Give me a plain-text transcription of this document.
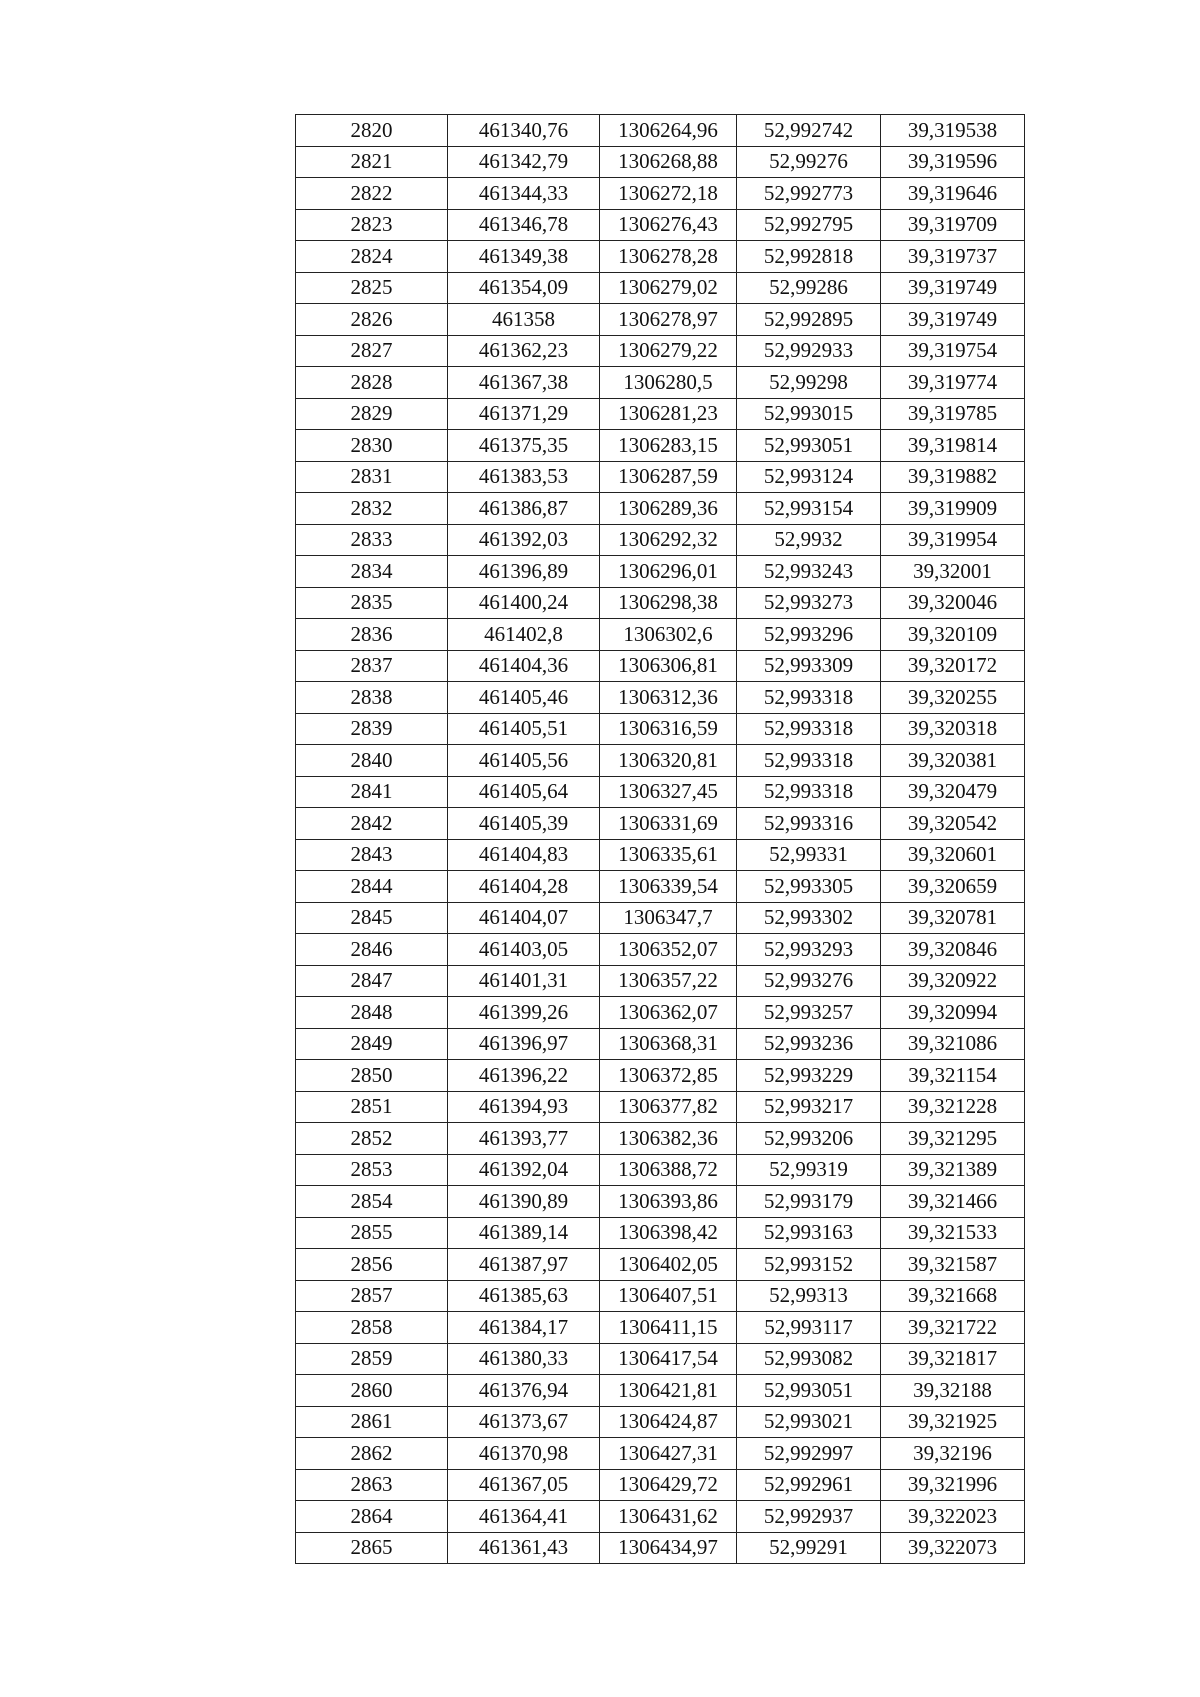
2820	461340,76	1306264,96	52,992742	39,319538
2821	461342,79	1306268,88	52,99276	39,319596
2822	461344,33	1306272,18	52,992773	39,319646
2823	461346,78	1306276,43	52,992795	39,319709
2824	461349,38	1306278,28	52,992818	39,319737
2825	461354,09	1306279,02	52,99286	39,319749
2826	461358	1306278,97	52,992895	39,319749
2827	461362,23	1306279,22	52,992933	39,319754
2828	461367,38	1306280,5	52,99298	39,319774
2829	461371,29	1306281,23	52,993015	39,319785
2830	461375,35	1306283,15	52,993051	39,319814
2831	461383,53	1306287,59	52,993124	39,319882
2832	461386,87	1306289,36	52,993154	39,319909
2833	461392,03	1306292,32	52,9932	39,319954
2834	461396,89	1306296,01	52,993243	39,32001
2835	461400,24	1306298,38	52,993273	39,320046
2836	461402,8	1306302,6	52,993296	39,320109
2837	461404,36	1306306,81	52,993309	39,320172
2838	461405,46	1306312,36	52,993318	39,320255
2839	461405,51	1306316,59	52,993318	39,320318
2840	461405,56	1306320,81	52,993318	39,320381
2841	461405,64	1306327,45	52,993318	39,320479
2842	461405,39	1306331,69	52,993316	39,320542
2843	461404,83	1306335,61	52,99331	39,320601
2844	461404,28	1306339,54	52,993305	39,320659
2845	461404,07	1306347,7	52,993302	39,320781
2846	461403,05	1306352,07	52,993293	39,320846
2847	461401,31	1306357,22	52,993276	39,320922
2848	461399,26	1306362,07	52,993257	39,320994
2849	461396,97	1306368,31	52,993236	39,321086
2850	461396,22	1306372,85	52,993229	39,321154
2851	461394,93	1306377,82	52,993217	39,321228
2852	461393,77	1306382,36	52,993206	39,321295
2853	461392,04	1306388,72	52,99319	39,321389
2854	461390,89	1306393,86	52,993179	39,321466
2855	461389,14	1306398,42	52,993163	39,321533
2856	461387,97	1306402,05	52,993152	39,321587
2857	461385,63	1306407,51	52,99313	39,321668
2858	461384,17	1306411,15	52,993117	39,321722
2859	461380,33	1306417,54	52,993082	39,321817
2860	461376,94	1306421,81	52,993051	39,32188
2861	461373,67	1306424,87	52,993021	39,321925
2862	461370,98	1306427,31	52,992997	39,32196
2863	461367,05	1306429,72	52,992961	39,321996
2864	461364,41	1306431,62	52,992937	39,322023
2865	461361,43	1306434,97	52,99291	39,322073
